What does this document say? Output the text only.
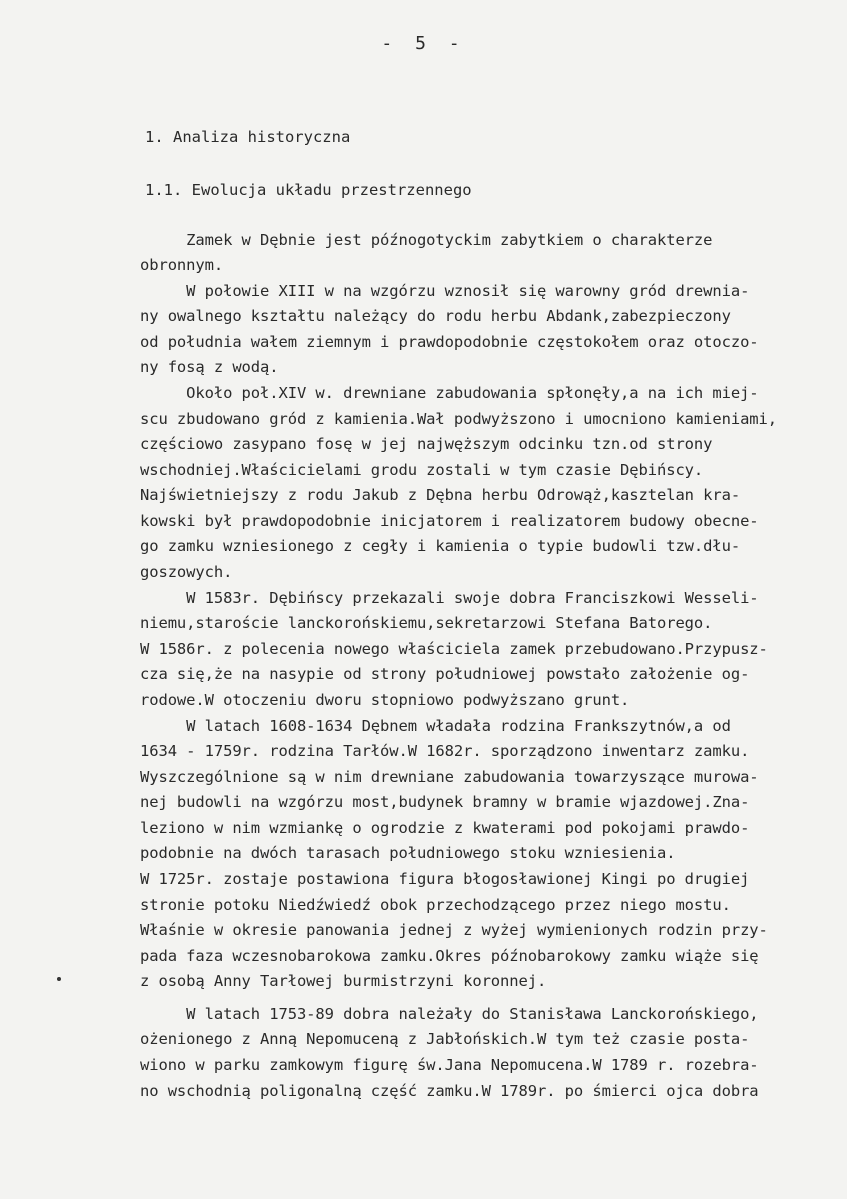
- 5 -
1. Analiza historyczna
1.1. Ewolucja układu przestrzennego
Zamek w Dębnie jest późnogotyckim zabytkiem o charakterze
obronnym.
W połowie XIII w na wzgórzu wznosił się warowny gród drewnia-
ny owalnego kształtu należący do rodu herbu Abdank,zabezpieczony
od południa wałem ziemnym i prawdopodobnie częstokołem oraz otoczo-
ny fosą z wodą.
Około poł.XIV w. drewniane zabudowania spłonęły,a na ich miej-
scu zbudowano gród z kamienia.Wał podwyższono i umocniono kamieniami,
częściowo zasypano fosę w jej najwęższym odcinku tzn.od strony
wschodniej.Właścicielami grodu zostali w tym czasie Dębińscy.
Najświetniejszy z rodu Jakub z Dębna herbu Odrowąż,kasztelan kra-
kowski był prawdopodobnie inicjatorem i realizatorem budowy obecne-
go zamku wzniesionego z cegły i kamienia o typie budowli tzw.dłu-
goszowych.
W 1583r. Dębińscy przekazali swoje dobra Franciszkowi Wesseli-
niemu,staroście lanckorońskiemu,sekretarzowi Stefana Batorego.
W 1586r. z polecenia nowego właściciela zamek przebudowano.Przypusz-
cza się,że na nasypie od strony południowej powstało założenie og-
rodowe.W otoczeniu dworu stopniowo podwyższano grunt.
W latach 1608-1634 Dębnem władała rodzina Frankszytnów,a od
1634 - 1759r. rodzina Tarłów.W 1682r. sporządzono inwentarz zamku.
Wyszczególnione są w nim drewniane zabudowania towarzyszące murowa-
nej budowli na wzgórzu most,budynek bramny w bramie wjazdowej.Zna-
leziono w nim wzmiankę o ogrodzie z kwaterami pod pokojami prawdo-
podobnie na dwóch tarasach południowego stoku wzniesienia.
W 1725r. zostaje postawiona figura błogosławionej Kingi po drugiej
stronie potoku Niedźwiedź obok przechodzącego przez niego mostu.
Właśnie w okresie panowania jednej z wyżej wymienionych rodzin przy-
pada faza wczesnobarokowa zamku.Okres późnobarokowy zamku wiąże się
z osobą Anny Tarłowej burmistrzyni koronnej.
W latach 1753-89 dobra należały do Stanisława Lanckorońskiego,
ożenionego z Anną Nepomuceną z Jabłońskich.W tym też czasie posta-
wiono w parku zamkowym figurę św.Jana Nepomucena.W 1789 r. rozebra-
no wschodnią poligonalną część zamku.W 1789r. po śmierci ojca dobra
